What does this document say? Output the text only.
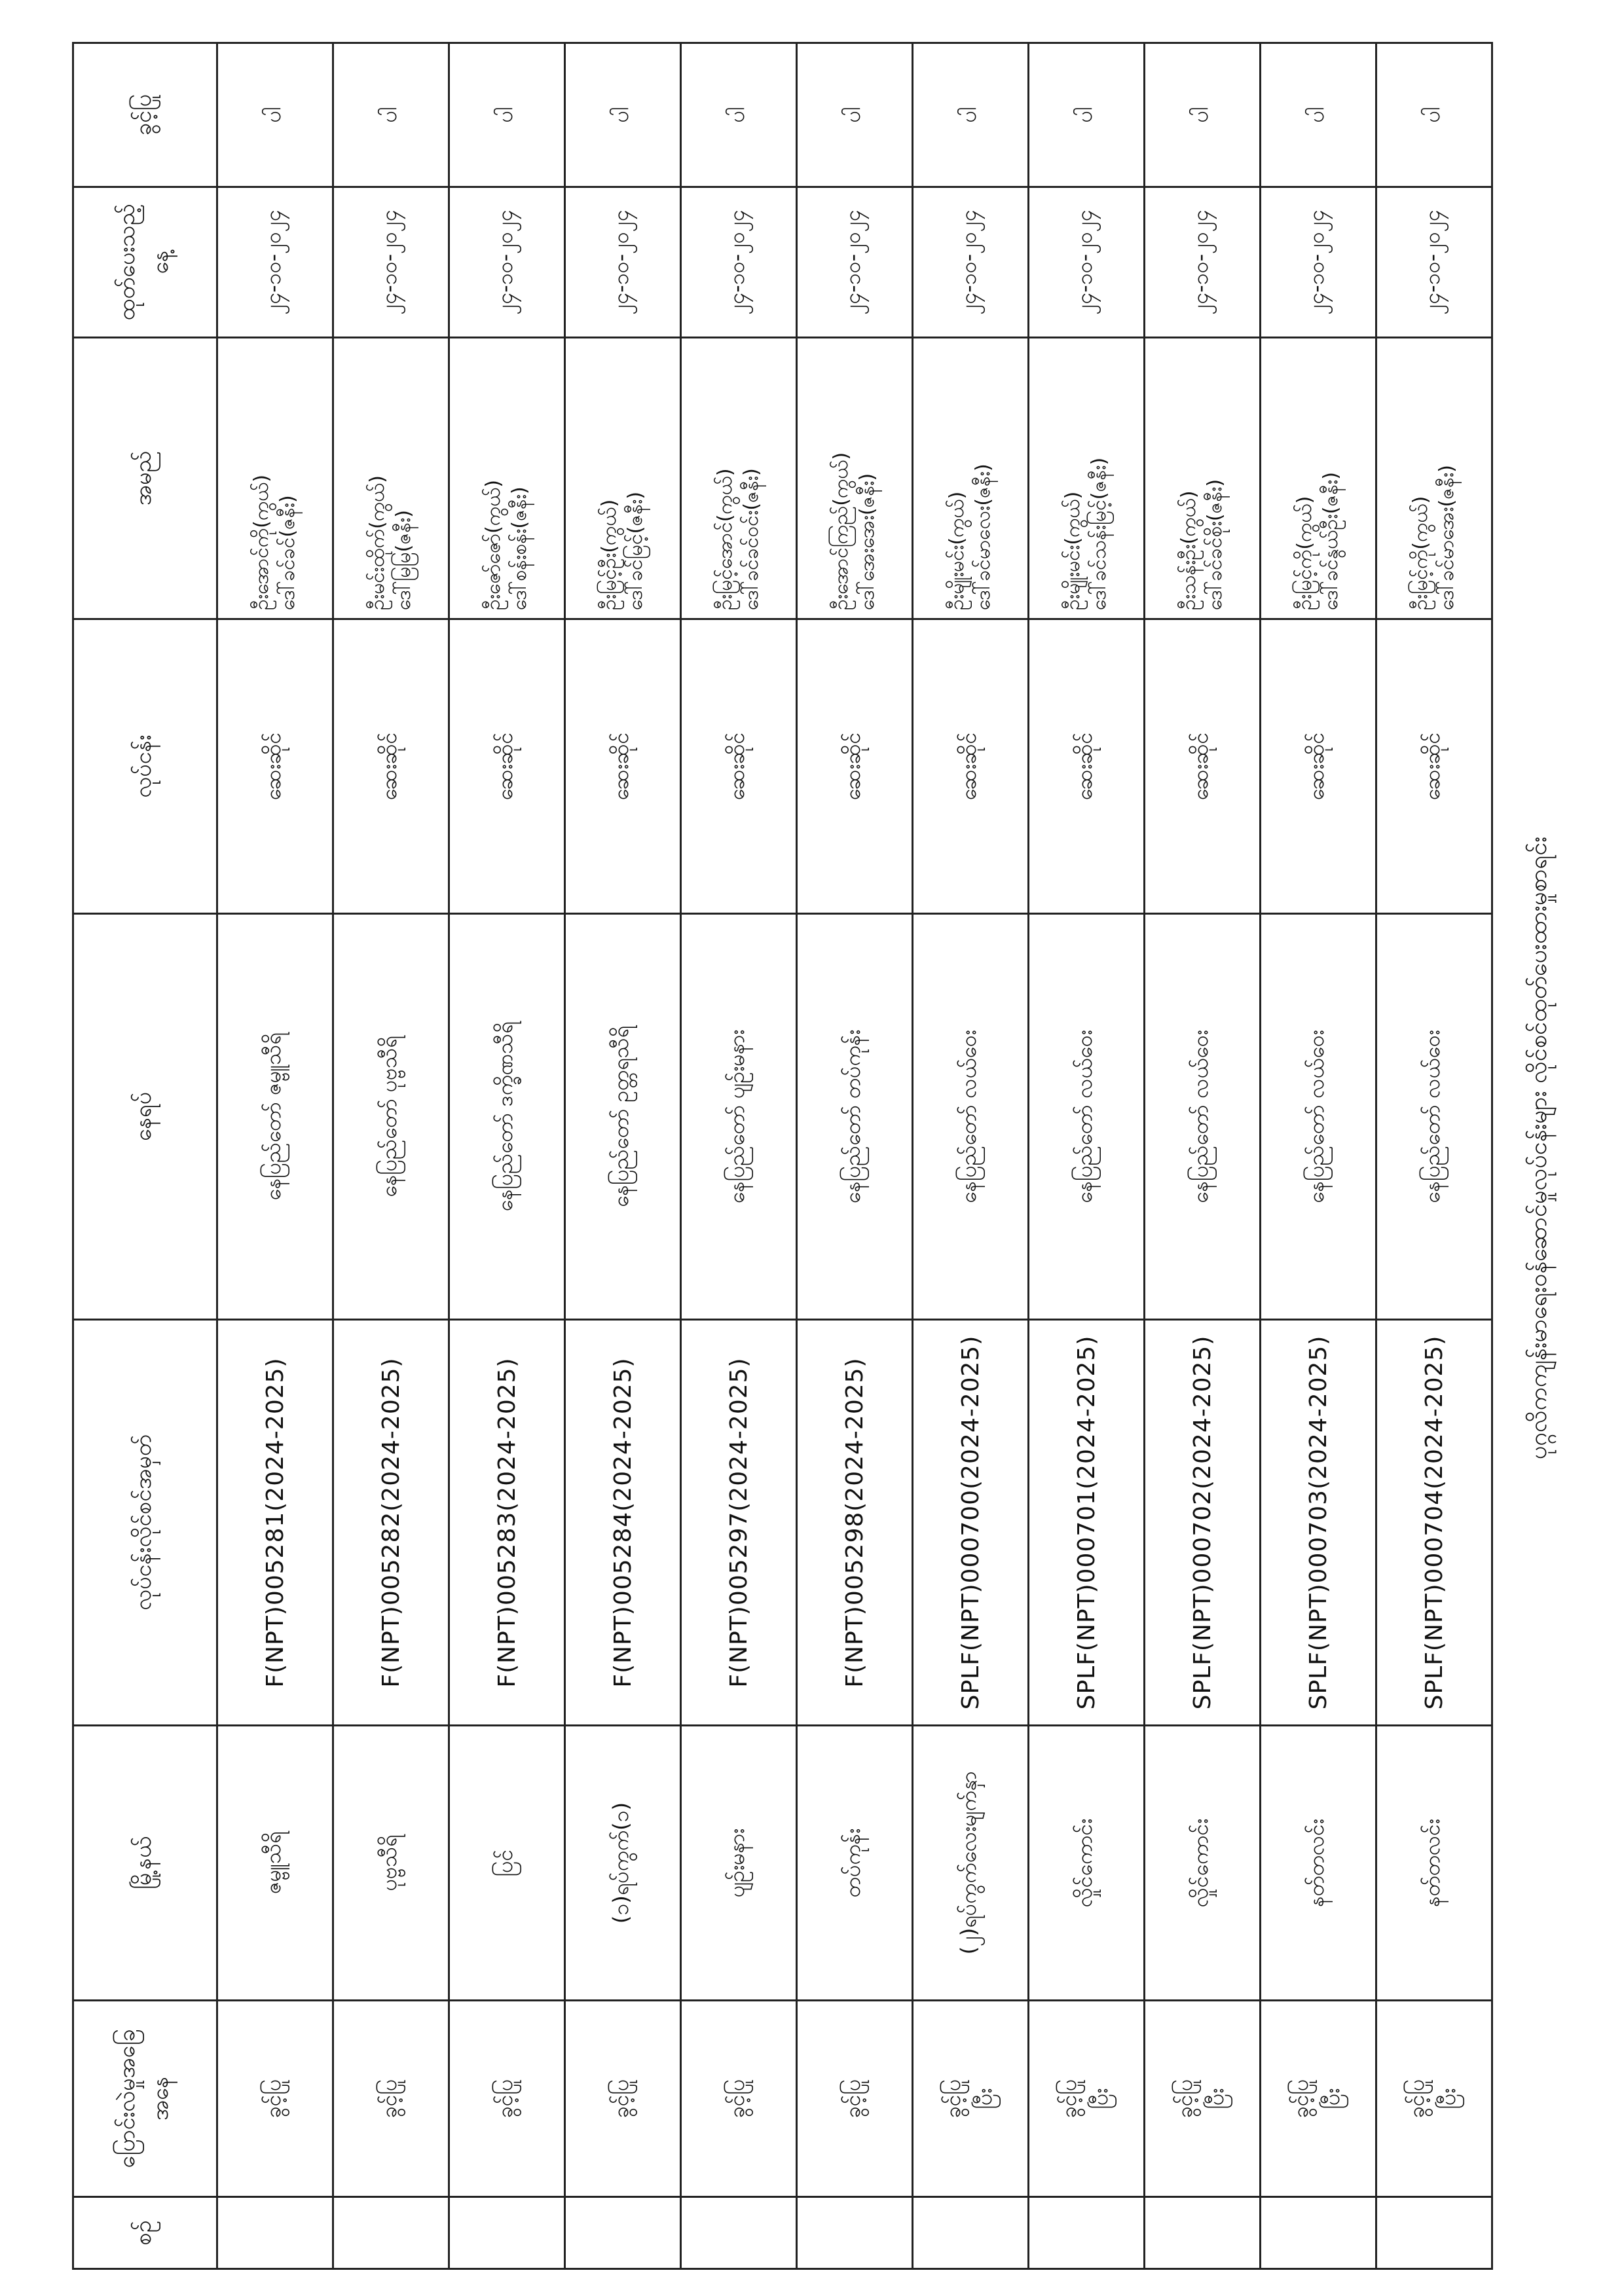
ပုဂ္ဂလိကကျန်းမာရေးဝန်ဆောင်မှုလုပ်ငန်းများ လိုင်စင်ထုတ်ပေးထားမှုစာရင်း
စဉ်	ပြောင်းလဲမှုအခြေ အနေ	မြို့နယ်	လုပ်ငန်းလိုင်စင်အမှတ်	နေရပ်	လုပ်ငန်း	အမည်	ထုတ်ပေးသည့်နေ့	ခွင့်ပြု

	ခွင့်ပြု	ဇမ္ဗူသီရိ	F(NPT)005281(2024-2025)	နေပြည်တော် ဇမ္ဗူသီရိ	ဆေးဆိုင်	ဦးအောင်ကို(ကွယ်) ဒေါ်ခင်ခင်(ဇနီး)	၂၄-၁၀-၂၀၂၄	ပါ

	ခွင့်ပြု	ပုဗ္ဗသီရိ	F(NPT)005282(2024-2025)	နေပြည်တော် ပုဗ္ဗသီရိ	ဆေးဆိုင်	ဦးမင်းထိုက်(ကွယ်) ဒေါ်မြမြ(ဇနီး)	၂၄-၁၀-၂၀၂၄	ပါ

	ခွင့်ပြု	ပြင်	F(NPT)005283(2024-2025)	နေပြည်တော် ဒက္ခိဏသီရိ	ဆေးဆိုင်	ဦးဇော်ဇော်(ကွယ်) ဒေါ်စန်းစန်း(ဇနီး)	၂၄-၁၀-၂၀၂၄	ပါ

	ခွင့်ပြု	(၁)ရပ်ကွက်(၁)	F(NPT)005284(2024-2025)	နေပြည်တော် ဥတ္တရသီရိ	ဆေးဆိုင်	ဦးမြင့်ဦး(ကွယ်) ဒေါ်ခင်မြင့်(ဇနီး)	၂၄-၁၀-၂၀၂၄	ပါ

	ခွင့်ပြု	ပျဉ်းမနား	F(NPT)005297(2024-2025)	နေပြည်တော် ပျဉ်းမနား	ဆေးဆိုင်	ဦးမြင့်အောင်(ကွယ်) ဒေါ်ခင်ခင်ဝင်း(ဇနီး)	၂၄-၁၀-၂၀၂၄	ပါ

	ခွင့်ပြု	တပ်ကုန်း	F(NPT)005298(2024-2025)	နေပြည်တော် တပ်ကုန်း	ဆေးဆိုင်	ဦးအောင်ကြည်(ကွယ်) ဒေါ်အေးအေး(ဇနီး)	၂၄-၁၀-၂၀၂၄	ပါ

	ခွင့်ပြု ပြီး	(၂)ရပ်ကွက်လေးမျက်နှာ	SPLF(NPT)000700(2024-2025)	နေပြည်တော် လယ်ဝေး	ဆေးဆိုင်	ဦးမျိုးမင်း(ကွယ်) ဒေါ်ခင်မာလေး(ဇနီး)	၂၄-၁၀-၂၀၂၄	ပါ

	ခွင့်ပြု ပြီး	လှိုင်ကောင်း	SPLF(NPT)000701(2024-2025)	နေပြည်တော် လယ်ဝေး	ဆေးဆိုင်	ဦးမျိုးမင်း(ကွယ်) ဒေါ်ခင်သန်းမြင့်(ဇနီး)	၂၄-၁၀-၂၀၂၄	ပါ

	ခွင့်ပြု ပြီး	လှိုင်ကောင်း	SPLF(NPT)000702(2024-2025)	နေပြည်တော် လယ်ဝေး	ဆေးဆိုင်	ဦးသန်းဦး(ကွယ်) ဒေါ်ခင်ခင်စိုး(ဇနီး)	၂၄-၁၀-၂၀၂၄	ပါ

	ခွင့်ပြု ပြီး	နတ်တလင်း	SPLF(NPT)000703(2024-2025)	နေပြည်တော် လယ်ဝေး	ဆေးဆိုင်	ဦးမြင့်ကို(ကွယ်) ဒေါ်ခင်နွယ်ဦး(ဇနီး)	၂၄-၁၀-၂၀၂၄	ပါ

	ခွင့်ပြု ပြီး	နတ်တလင်း	SPLF(NPT)000704(2024-2025)	နေပြည်တော် လယ်ဝေး	ဆေးဆိုင်	ဦးမြင့်ကို(ကွယ်) ဒေါ်ခင်မာအေး(ဇနီး)	၂၄-၁၀-၂၀၂၄	ပါ
